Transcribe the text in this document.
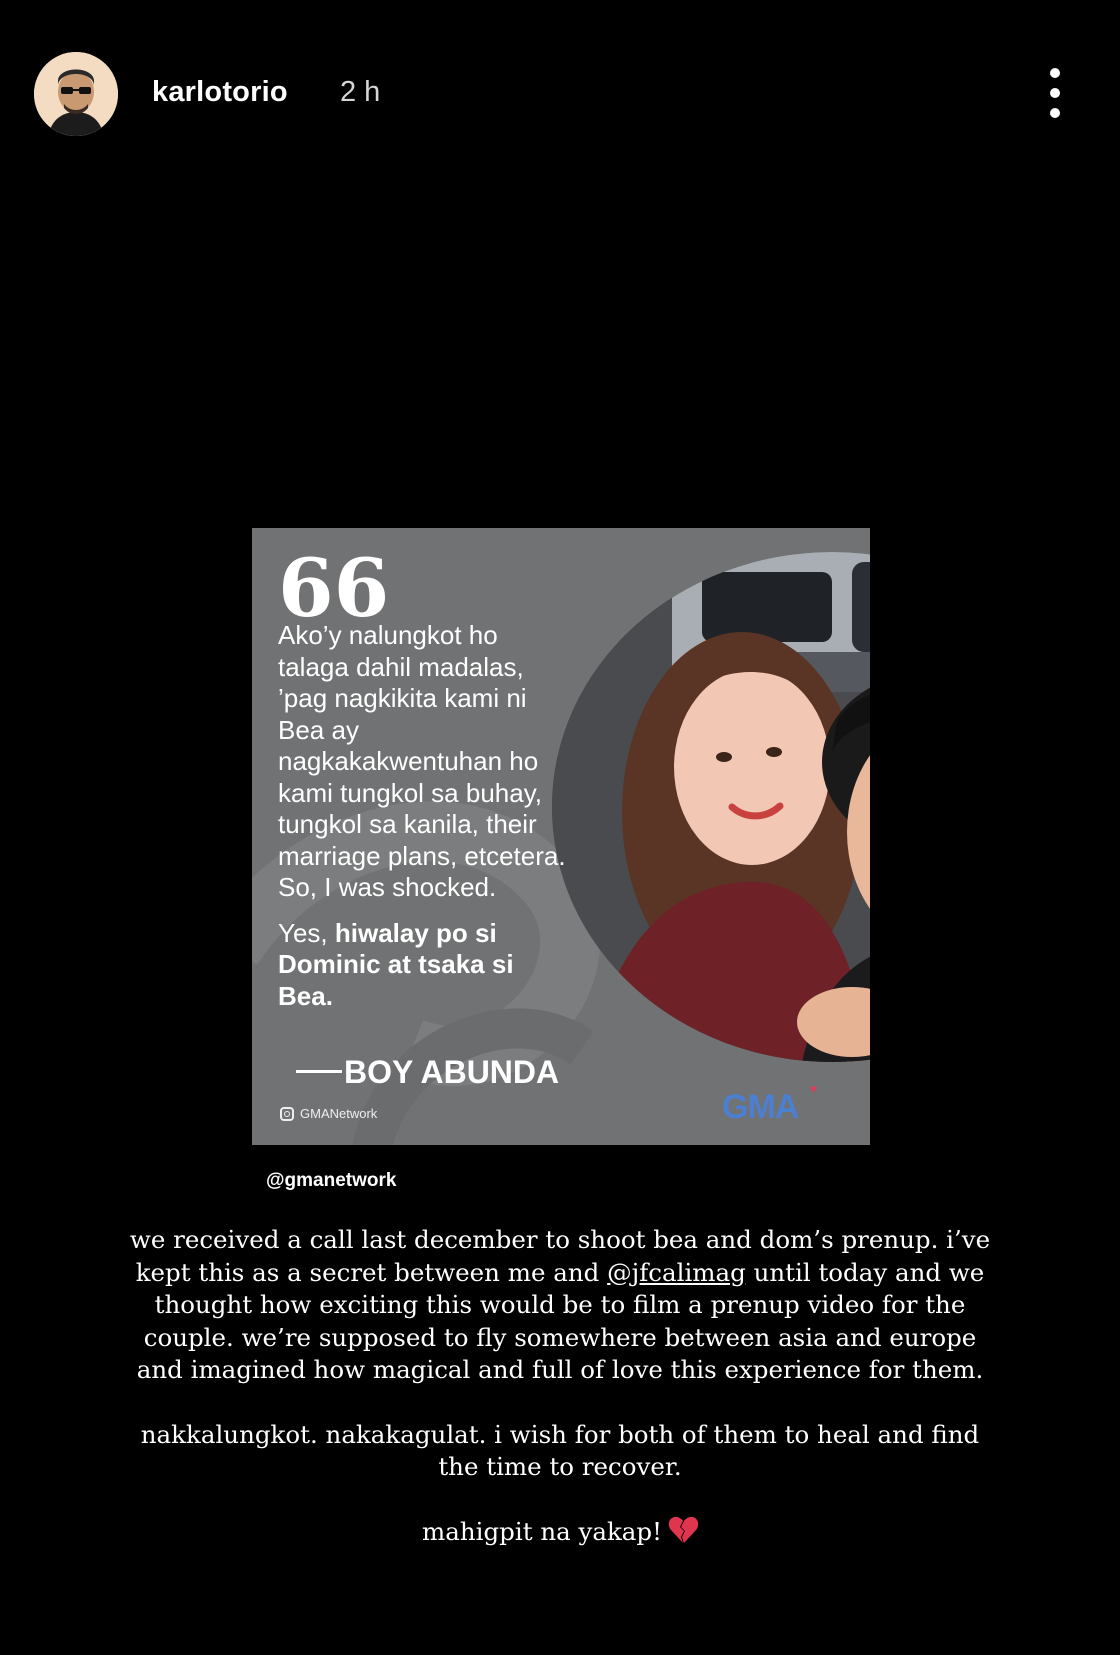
karlotorio 2 h
66

Ako’y nalungkot ho talaga dahil madalas, ’pag nagkikita kami ni Bea ay nagkakakwentuhan ho kami tungkol sa buhay, tungkol sa kanila, their marriage plans, etcetera. So, I was shocked.

Yes, hiwalay po si Dominic at tsaka si Bea.

BOY ABUNDA
GMANetwork	GMA ♥
@gmanetwork

we received a call last december to shoot bea and dom’s prenup. i’ve kept this as a secret between me and @jfcalimag until today and we thought how exciting this would be to film a prenup video for the couple. we’re supposed to fly somewhere between asia and europe and imagined how magical and full of love this experience for them.

nakkalungkot. nakakagulat. i wish for both of them to heal and find the time to recover.

mahigpit na yakap!
